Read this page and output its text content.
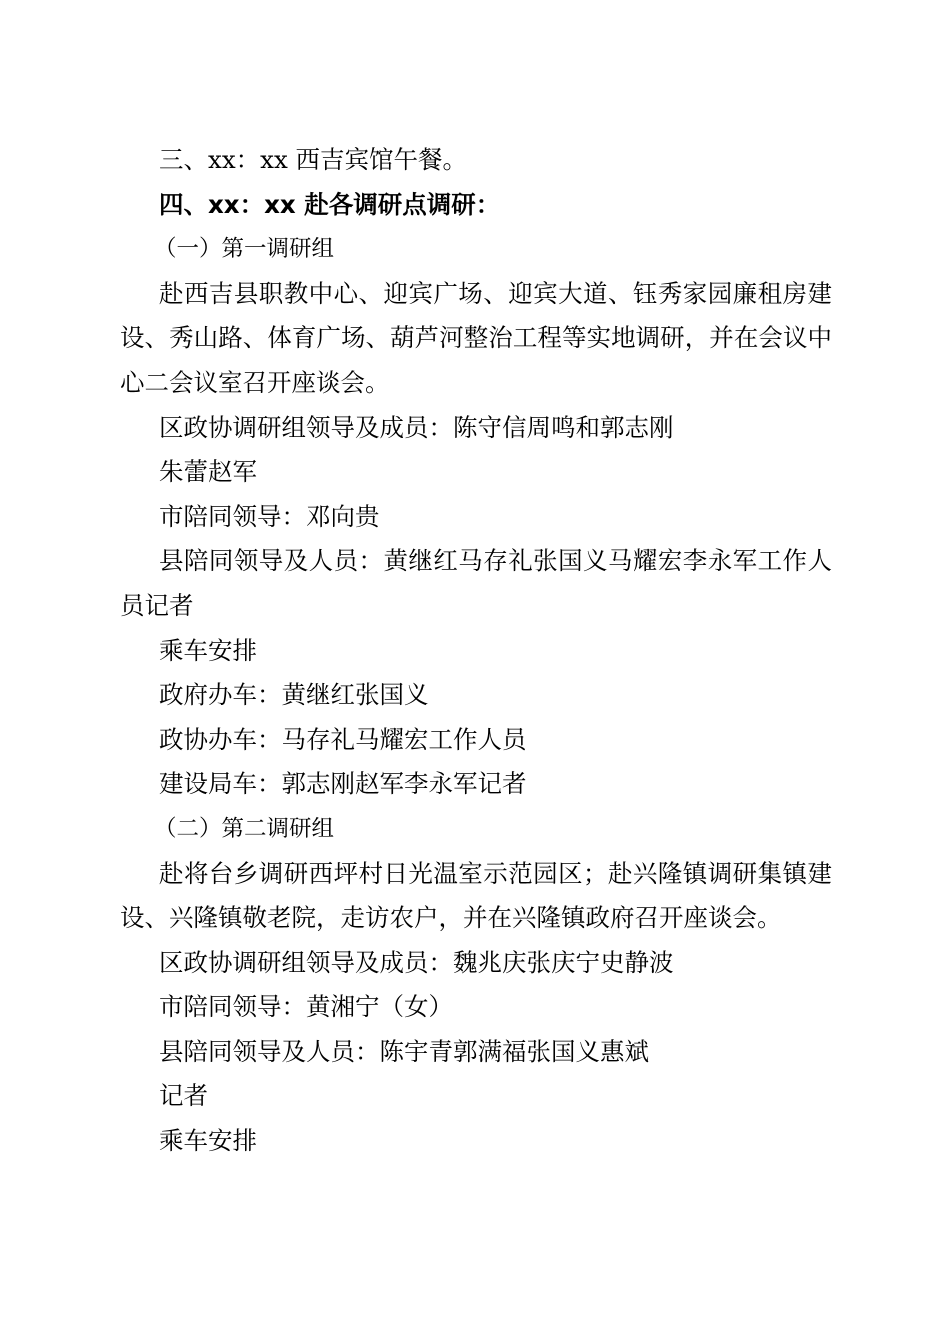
三、xx：xx 西吉宾馆午餐。

四、xx：xx 赴各调研点调研：

（一）第一调研组

赴西吉县职教中心、迎宾广场、迎宾大道、钰秀家园廉租房建设、秀山路、体育广场、葫芦河整治工程等实地调研，并在会议中心二会议室召开座谈会。

区政协调研组领导及成员：陈守信周鸣和郭志刚

朱蕾赵军

市陪同领导：邓向贵

县陪同领导及人员：黄继红马存礼张国义马耀宏李永军工作人员记者

乘车安排

政府办车：黄继红张国义

政协办车：马存礼马耀宏工作人员

建设局车：郭志刚赵军李永军记者

（二）第二调研组

赴将台乡调研西坪村日光温室示范园区；赴兴隆镇调研集镇建设、兴隆镇敬老院，走访农户，并在兴隆镇政府召开座谈会。

区政协调研组领导及成员：魏兆庆张庆宁史静波

市陪同领导：黄湘宁（女）

县陪同领导及人员：陈宇青郭满福张国义惠斌

记者

乘车安排
